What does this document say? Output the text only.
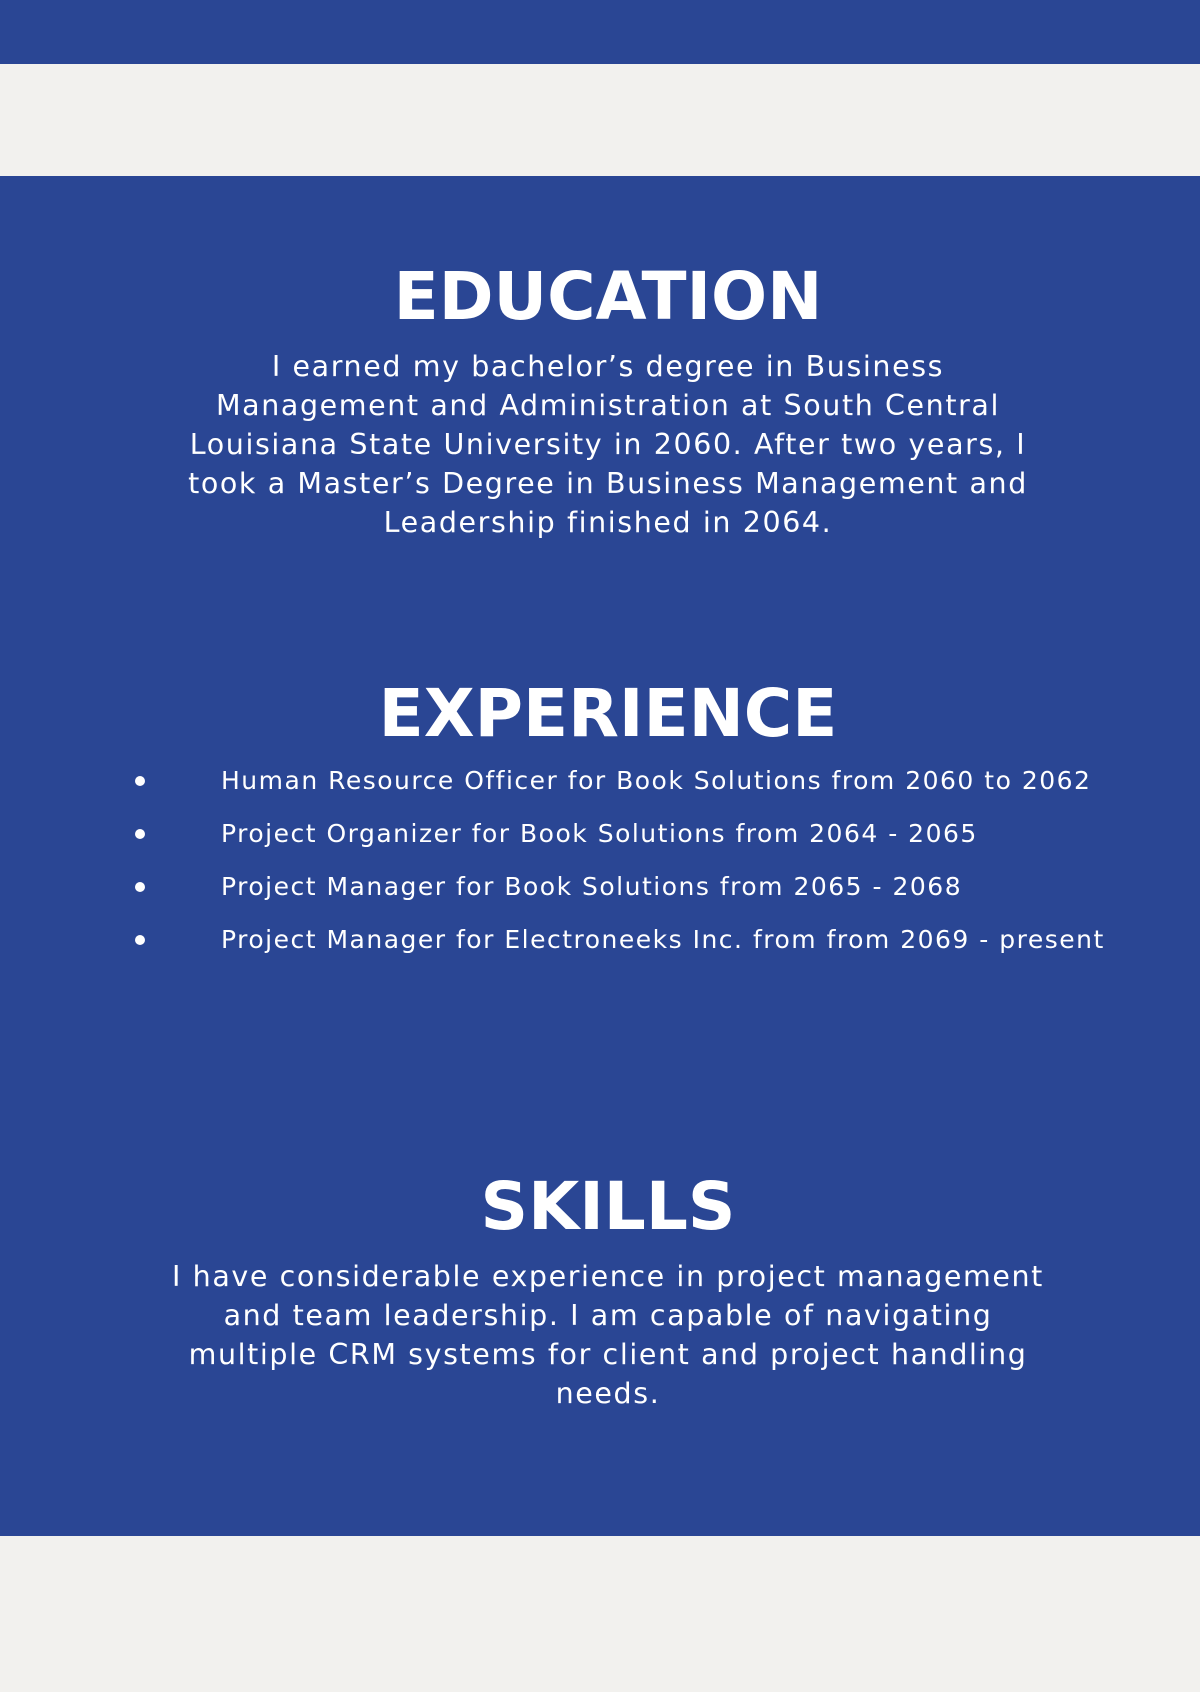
EDUCATION

I earned my bachelor’s degree in Business Management and Administration at South Central Louisiana State University in 2060. After two years, I took a Master’s Degree in Business Management and Leadership finished in 2064.

EXPERIENCE
Human Resource Officer for Book Solutions from 2060 to 2062
Project Organizer for Book Solutions from 2064 - 2065
Project Manager for Book Solutions from 2065 - 2068
Project Manager for Electroneeks Inc. from from 2069 - present
SKILLS

I have considerable experience in project management and team leadership. I am capable of navigating multiple CRM systems for client and project handling needs.
